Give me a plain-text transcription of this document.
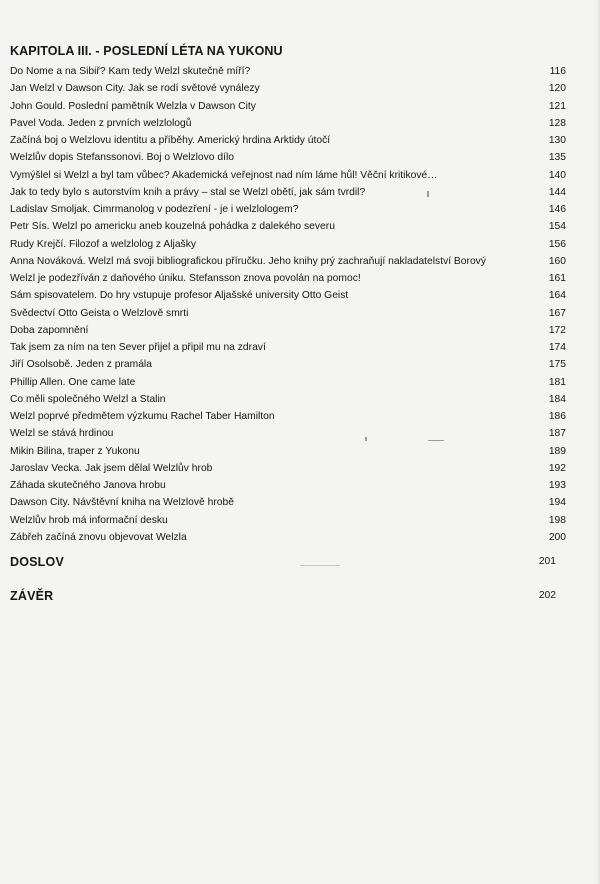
KAPITOLA III. - POSLEDNÍ LÉTA NA YUKONU
Do Nome a na Sibiř? Kam tedy Welzl skutečně míří?	116
Jan Welzl v Dawson City. Jak se rodí světové vynálezy	120
John Gould. Poslední pamětník Welzla v Dawson City	121
Pavel Voda. Jeden z prvních welzlologů	128
Začíná boj o Welzlovu identitu a příběhy. Americký hrdina Arktidy útočí	130
Welzlův dopis Stefanssonovi. Boj o Welzlovo dílo	135
Vymýšlel si Welzl a byl tam vůbec? Akademická veřejnost nad ním láme hůl! Věční kritikové…	140
Jak to tedy bylo s autorstvím knih a právy – stal se Welzl obětí, jak sám tvrdil?	144
Ladislav Smoljak. Cimrmanolog v podezření - je i welzlologem?	146
Petr Sís. Welzl po americku aneb kouzelná pohádka z dalekého severu	154
Rudy Krejčí. Filozof a welzlolog z Aljašky	156
Anna Nováková. Welzl má svoji bibliografickou příručku. Jeho knihy prý zachraňují nakladatelství Borový	160
Welzl je podezříván z daňového úniku. Stefansson znova povolán na pomoc!	161
Sám spisovatelem. Do hry vstupuje profesor Aljašské university Otto Geist	164
Svědectví Otto Geista o Welzlově smrti	167
Doba zapomnění	172
Tak jsem za ním na ten Sever přijel a připil mu na zdraví	174
Jiří Osolsobě. Jeden z pramála	175
Phillip Allen. One came late	181
Co měli společného Welzl a Stalin	184
Welzl poprvé předmětem výzkumu Rachel Taber Hamilton	186
Welzl se stává hrdinou	187
Mikin Bilina, traper z Yukonu	189
Jaroslav Vecka. Jak jsem dělal Welzlův hrob	192
Záhada skutečného Janova hrobu	193
Dawson City. Návštěvní kniha na Welzlově hrobě	194
Welzlův hrob má informační desku	198
Zábřeh začíná znovu objevovat Welzla	200
DOSLOV	201
ZÁVĚR	202
